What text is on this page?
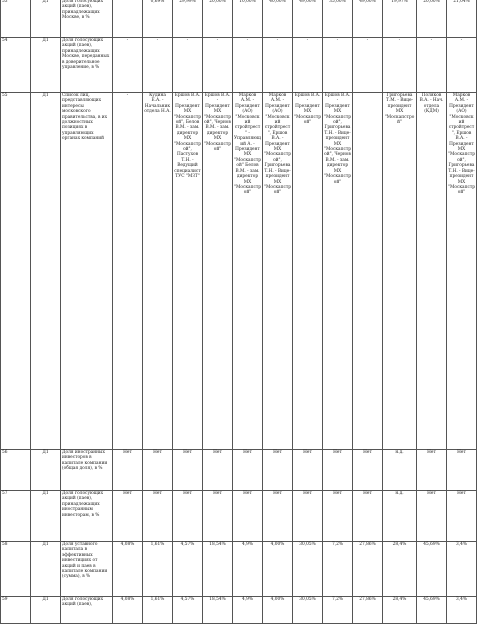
53	Д1	Доля голосующих акций (паев), принадлежащих Москве, в %		0,69%	29,99%	20,00%	10,00%	40,00%	49,00%	35,00%	49,00%	19,97%	20,00%	21,04%	
54	Д1	Доля голосующих акций (паев), принадлежащих Москве, переданных в доверительное управление, в %	-	-	-	-	-	-	-	-	-	-	-	-	
55	Д1	Список лиц, представляющих интересы московского правительства, в их должностных позициях в управляющих органах компаний	-	Кудина Е.А. - Начальник отдела Н.А.	Ершов В.А. - Президент МХ "Москапстрой", Белов В.М. - зам. директор МХ "Москапстрой", Пастухов Т.Н. - Ведущий специалист ТУС "МЗТ"	Ершов В.А. - Президент МХ "Москапстрой", Чернов В.М. - зам. директор МХ "Москапстрой"	Марков А.М. - Президент (АО) "Московский стройтрест" - Управляющий А. - Президент МХ "Москапстрой" Белов В.М. - зам. директор МХ "Москапстрой"	Марков А.М. - Президент (АО) "Московский стройтрест", Ершов В.А. - Президент МХ "Москапстрой", Григорьева Т.Н. - Вице-президент МХ "Москапстрой"	Ершов В.А. - Президент МХ "Москапстрой"	Ершов В.А. - Президент МХ "Москапстрой", Григорьева Т.Н. - Вице-президент МХ "Москапстрой", Чернов В.М. - зам. директор МХ "Москапстрой"		Григорьева Т.М. - Вице-президент МХ "Москапстрой"	Поляков В.А. - Нач. отдела (КДМ)	Марков А.М. - Президент (АО) "Московский стройтрест", Ершов В.А. - Президент МХ "Москапстрой", Григорьева Т.Н. - Вице-президент МХ "Москапстрой"	
56	Д1	Доля иностранных инвесторов в капитале компании (общая доля), в %	Нет	Нет	Нет	Нет	Нет	Нет	Нет	Нет	Нет	н.д.	Нет	Нет	
57	Д1	Доля голосующих акций (паев), принадлежащих иностранным инвесторам, в %	Нет	Нет	Нет	Нет	Нет	Нет	Нет	Нет	Нет	н.д.	Нет	Нет	
58	Д1	Доля уставного капитала в эффективных инвестициях от акций и паев в капитале компании (сумма), в %	4,08%	1,61%	4,57%	18,54%	4,9%	4,00%	30,05%	7,2%	27,86%	28,4%	45,69%	3,4%	
59	Д1	Доля голосующих акций (паев),	4,08%	1,61%	4,57%	18,54%	4,9%	4,00%	30,05%	7,2%	27,86%	28,4%	45,69%	3,4%	
